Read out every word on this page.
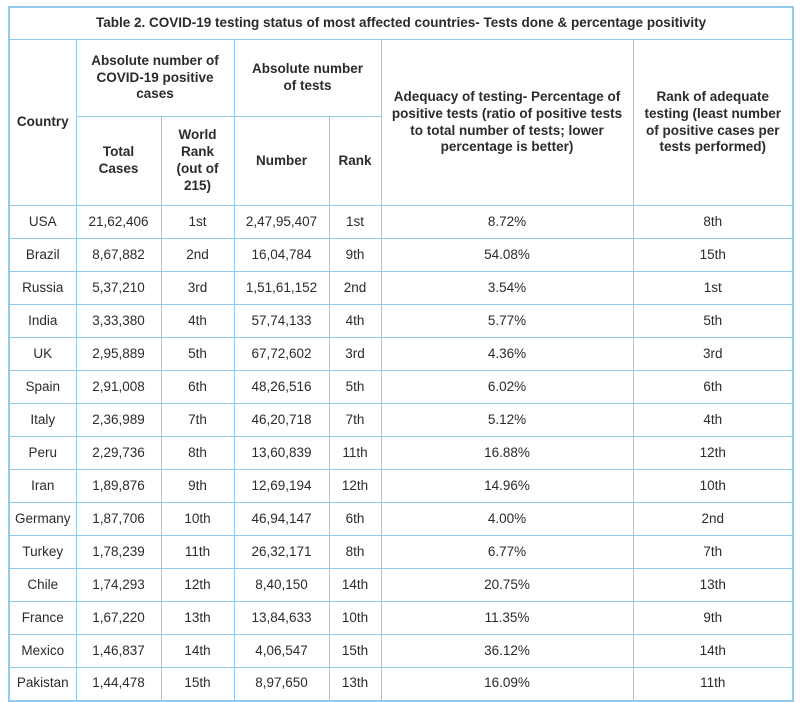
Table 2. COVID-19 testing status of most affected countries- Tests done & percentage positivity						

Country	Absolute number of COVID-19 positive cases		Absolute number of tests		Adequacy of testing- Percentage of positive tests (ratio of positive tests to total number of tests; lower percentage is better)	Rank of adequate testing (least number of positive cases per tests performed)

	Total Cases	World Rank (out of 215)	Number	Rank		

USA	21,62,406	1st	2,47,95,407	1st	8.72%	8th
Brazil	8,67,882	2nd	16,04,784	9th	54.08%	15th
Russia	5,37,210	3rd	1,51,61,152	2nd	3.54%	1st
India	3,33,380	4th	57,74,133	4th	5.77%	5th
UK	2,95,889	5th	67,72,602	3rd	4.36%	3rd
Spain	2,91,008	6th	48,26,516	5th	6.02%	6th
Italy	2,36,989	7th	46,20,718	7th	5.12%	4th
Peru	2,29,736	8th	13,60,839	11th	16.88%	12th
Iran	1,89,876	9th	12,69,194	12th	14.96%	10th
Germany	1,87,706	10th	46,94,147	6th	4.00%	2nd
Turkey	1,78,239	11th	26,32,171	8th	6.77%	7th
Chile	1,74,293	12th	8,40,150	14th	20.75%	13th
France	1,67,220	13th	13,84,633	10th	11.35%	9th
Mexico	1,46,837	14th	4,06,547	15th	36.12%	14th
Pakistan	1,44,478	15th	8,97,650	13th	16.09%	11th
